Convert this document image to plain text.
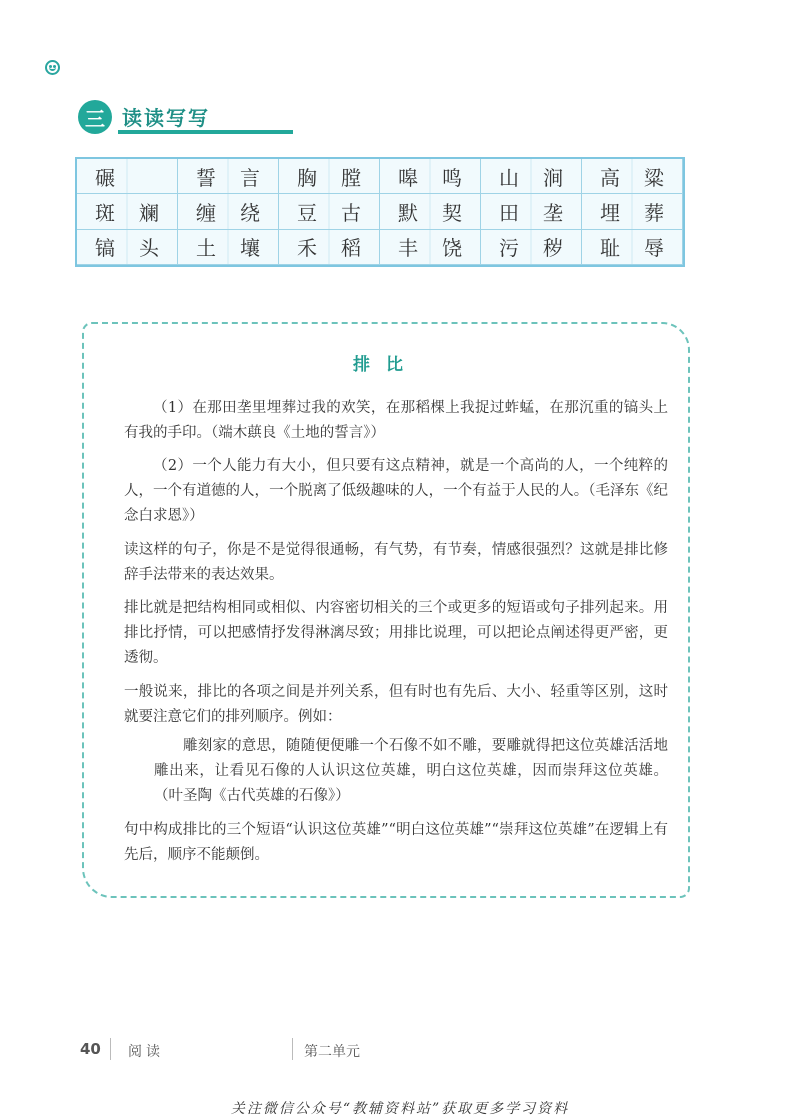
三 读读写写
碾	誓 言 胸 膛 嗥 鸣 山 涧 高 粱
斑 斓 缠 绕 豆 古 默 契 田 垄 埋 葬
镐 头 土 壤 禾 稻 丰 饶 污 秽 耻 辱
排比

（1）在那田垄里埋葬过我的欢笑，在那稻棵上我捉过蚱蜢，在那沉重的镐头上有我的手印。（端木蕻良《土地的誓言》）

（2）一个人能力有大小，但只要有这点精神，就是一个高尚的人，一个纯粹的人，一个有道德的人，一个脱离了低级趣味的人，一个有益于人民的人。（毛泽东《纪念白求恩》）

读这样的句子，你是不是觉得很通畅，有气势，有节奏，情感很强烈？这就是排比修辞手法带来的表达效果。

排比就是把结构相同或相似、内容密切相关的三个或更多的短语或句子排列起来。用排比抒情，可以把感情抒发得淋漓尽致；用排比说理，可以把论点阐述得更严密，更透彻。

一般说来，排比的各项之间是并列关系，但有时也有先后、大小、轻重等区别，这时就要注意它们的排列顺序。例如：

雕刻家的意思，随随便便雕一个石像不如不雕，要雕就得把这位英雄活活地雕出来，让看见石像的人认识这位英雄，明白这位英雄，因而崇拜这位英雄。（叶圣陶《古代英雄的石像》）

句中构成排比的三个短语“认识这位英雄”“明白这位英雄”“崇拜这位英雄”在逻辑上有先后，顺序不能颠倒。

40 阅读	第二单元
关注微信公众号“教辅资料站”获取更多学习资料
